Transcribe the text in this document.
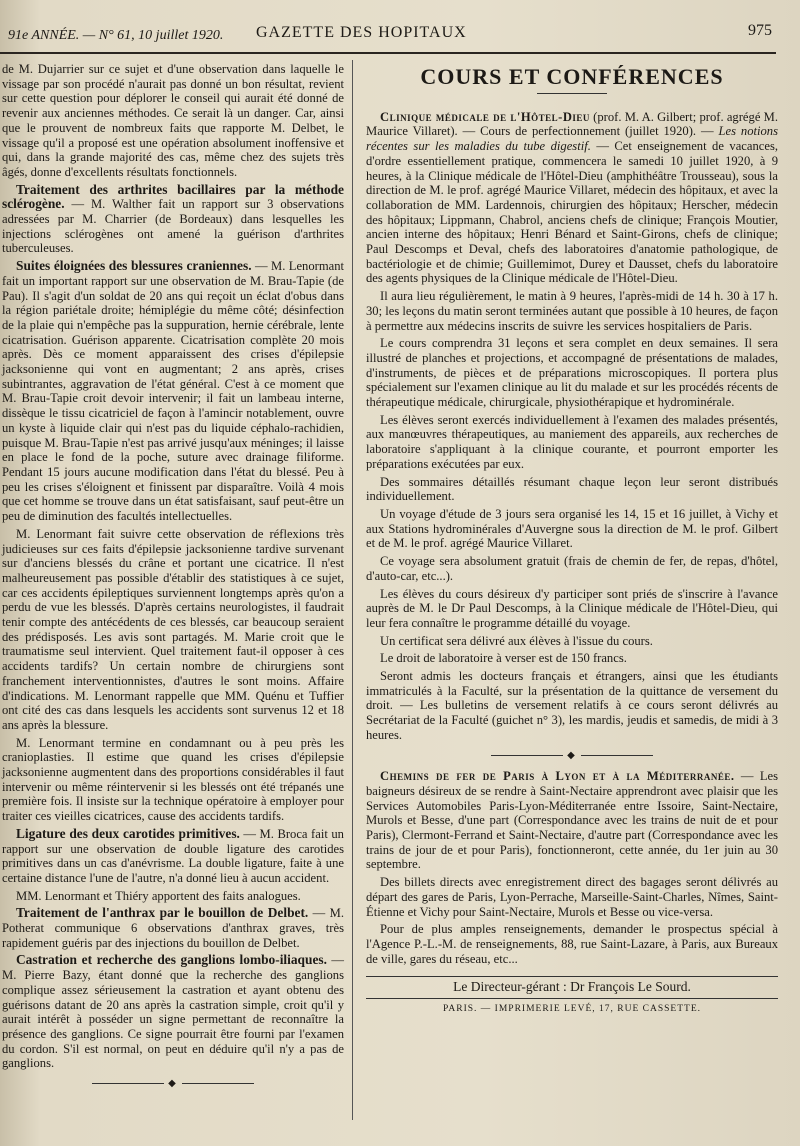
91e ANNÉE. — N° 61, 10 juillet 1920. GAZETTE DES HOPITAUX	975

de M. Dujarrier sur ce sujet et d'une observation dans laquelle le vissage par son procédé n'aurait pas donné un bon résultat, revient sur cette question pour déplorer le conseil qui aurait été donné de revenir aux anciennes méthodes. Ce serait là un danger. Car, ainsi que le prouvent de nombreux faits que rapporte M. Delbet, le vissage qu'il a proposé est une opération absolument inoffensive et qui, dans la grande majorité des cas, même chez des sujets très âgés, donne d'excellents résultats fonctionnels.

Traitement des arthrites bacillaires par la méthode sclérogène. — M. Walther fait un rapport sur 3 observations adressées par M. Charrier (de Bordeaux) dans lesquelles les injections sclérogènes ont amené la guérison d'arthrites tuberculeuses.

Suites éloignées des blessures craniennes. — M. Lenormant fait un important rapport sur une observation de M. Brau-Tapie (de Pau). Il s'agit d'un soldat de 20 ans qui reçoit un éclat d'obus dans la région pariétale droite; hémiplégie du même côté; désinfection de la plaie qui n'empêche pas la suppuration, hernie cérébrale, lente cicatrisation. Guérison apparente. Cicatrisation complète 20 mois après. Dès ce moment apparaissent des crises d'épilepsie jacksonienne qui vont en augmentant; 2 ans après, crises subintrantes, aggravation de l'état général. C'est à ce moment que M. Brau-Tapie croit devoir intervenir; il fait un lambeau interne, dissèque le tissu cicatriciel de façon à l'amincir notablement, ouvre un kyste à liquide clair qui n'est pas du liquide céphalo-rachidien, puisque M. Brau-Tapie n'est pas arrivé jusqu'aux méninges; il laisse en place le fond de la poche, suture avec drainage filiforme. Pendant 15 jours aucune modification dans l'état du blessé. Peu à peu les crises s'éloignent et finissent par disparaître. Voilà 4 mois que cet homme se trouve dans un état satisfaisant, sauf peut-être un peu de diminution des facultés intellectuelles.

M. Lenormant fait suivre cette observation de réflexions très judicieuses sur ces faits d'épilepsie jacksonienne tardive survenant sur d'anciens blessés du crâne et portant une cicatrice. Il n'est malheureusement pas possible d'établir des statistiques à ce sujet, car ces accidents épileptiques surviennent longtemps après qu'on a perdu de vue les blessés. D'après certains neurologistes, il faudrait tenir compte des antécédents de ces blessés, car beaucoup seraient des prédisposés. Les avis sont partagés. M. Marie croit que le traumatisme seul intervient. Quel traitement faut-il opposer à ces accidents tardifs? Un certain nombre de chirurgiens sont franchement interventionnistes, d'autres le sont moins. Affaire d'indications. M. Lenormant rappelle que MM. Quénu et Tuffier ont cité des cas dans lesquels les accidents sont survenus 12 et 18 ans après la blessure.

M. Lenormant termine en condamnant ou à peu près les cranioplasties. Il estime que quand les crises d'épilepsie jacksonienne augmentent dans des proportions considérables il faut intervenir ou même réintervenir si les blessés ont été trépanés une première fois. Il insiste sur la technique opératoire à employer pour traiter ces vieilles cicatrices, cause des accidents tardifs.

Ligature des deux carotides primitives. — M. Broca fait un rapport sur une observation de double ligature des carotides primitives dans un cas d'anévrisme. La double ligature, faite à une certaine distance l'une de l'autre, n'a donné lieu à aucun accident.

MM. Lenormant et Thiéry apportent des faits analogues.

Traitement de l'anthrax par le bouillon de Delbet. — M. Potherat communique 6 observations d'anthrax graves, très rapidement guéris par des injections du bouillon de Delbet.

Castration et recherche des ganglions lombo-iliaques. — M. Pierre Bazy, étant donné que la recherche des ganglions complique assez sérieusement la castration et ayant obtenu des guérisons datant de 20 ans après la castration simple, croit qu'il y aurait intérêt à posséder un signe permettant de reconnaître la présence des ganglions. Ce signe pourrait être fourni par l'examen du cordon. S'il est normal, on peut en déduire qu'il n'y a pas de ganglions.

◆
COURS ET CONFÉRENCES

Clinique médicale de l'Hôtel-Dieu (prof. M. A. Gilbert; prof. agrégé M. Maurice Villaret). — Cours de perfectionnement (juillet 1920). — Les notions récentes sur les maladies du tube digestif. — Cet enseignement de vacances, d'ordre essentiellement pratique, commencera le samedi 10 juillet 1920, à 9 heures, à la Clinique médicale de l'Hôtel-Dieu (amphithéâtre Trousseau), sous la direction de M. le prof. agrégé Maurice Villaret, médecin des hôpitaux, et avec la collaboration de MM. Lardennois, chirurgien des hôpitaux; Herscher, médecin des hôpitaux; Lippmann, Chabrol, anciens chefs de clinique; François Moutier, ancien interne des hôpitaux; Henri Bénard et Saint-Girons, chefs de clinique; Paul Descomps et Deval, chefs des laboratoires d'anatomie pathologique, de bactériologie et de chimie; Guillemimot, Durey et Dausset, chefs du laboratoire des agents physiques de la Clinique médicale de l'Hôtel-Dieu.

Il aura lieu régulièrement, le matin à 9 heures, l'après-midi de 14 h. 30 à 17 h. 30; les leçons du matin seront terminées autant que possible à 10 heures, de façon à permettre aux médecins inscrits de suivre les services hospitaliers de Paris.

Le cours comprendra 31 leçons et sera complet en deux semaines. Il sera illustré de planches et projections, et accompagné de présentations de malades, d'instruments, de pièces et de préparations microscopiques. Il portera plus spécialement sur l'examen clinique au lit du malade et sur les procédés récents de thérapeutique médicale, chirurgicale, physiothérapique et hydrominérale.

Les élèves seront exercés individuellement à l'examen des malades présentés, aux manœuvres thérapeutiques, au maniement des appareils, aux recherches de laboratoire s'appliquant à la clinique courante, et pourront emporter les préparations exécutées par eux.

Des sommaires détaillés résumant chaque leçon leur seront distribués individuellement.

Un voyage d'étude de 3 jours sera organisé les 14, 15 et 16 juillet, à Vichy et aux Stations hydrominérales d'Auvergne sous la direction de M. le prof. Gilbert et de M. le prof. agrégé Maurice Villaret.

Ce voyage sera absolument gratuit (frais de chemin de fer, de repas, d'hôtel, d'auto-car, etc...).

Les élèves du cours désireux d'y participer sont priés de s'inscrire à l'avance auprès de M. le Dr Paul Descomps, à la Clinique médicale de l'Hôtel-Dieu, qui leur fera connaître le programme détaillé du voyage.

Un certificat sera délivré aux élèves à l'issue du cours.

Le droit de laboratoire à verser est de 150 francs.

Seront admis les docteurs français et étrangers, ainsi que les étudiants immatriculés à la Faculté, sur la présentation de la quittance de versement du droit. — Les bulletins de versement relatifs à ce cours seront délivrés au Secrétariat de la Faculté (guichet n° 3), les mardis, jeudis et samedis, de midi à 3 heures.

◆

Chemins de fer de Paris à Lyon et à la Méditerranée. — Les baigneurs désireux de se rendre à Saint-Nectaire apprendront avec plaisir que les Services Automobiles Paris-Lyon-Méditerranée entre Issoire, Saint-Nectaire, Murols et Besse, d'une part (Correspondance avec les trains de nuit de et pour Paris), Clermont-Ferrand et Saint-Nectaire, d'autre part (Correspondance avec les trains de jour de et pour Paris), fonctionneront, cette année, du 1er juin au 30 septembre.

Des billets directs avec enregistrement direct des bagages seront délivrés au départ des gares de Paris, Lyon-Perrache, Marseille-Saint-Charles, Nîmes, Saint-Étienne et Vichy pour Saint-Nectaire, Murols et Besse ou vice-versa.

Pour de plus amples renseignements, demander le prospectus spécial à l'Agence P.-L.-M. de renseignements, 88, rue Saint-Lazare, à Paris, aux Bureaux de ville, gares du réseau, etc...

Le Directeur-gérant : Dr François Le Sourd.
PARIS. — IMPRIMERIE LEVÉ, 17, RUE CASSETTE.
